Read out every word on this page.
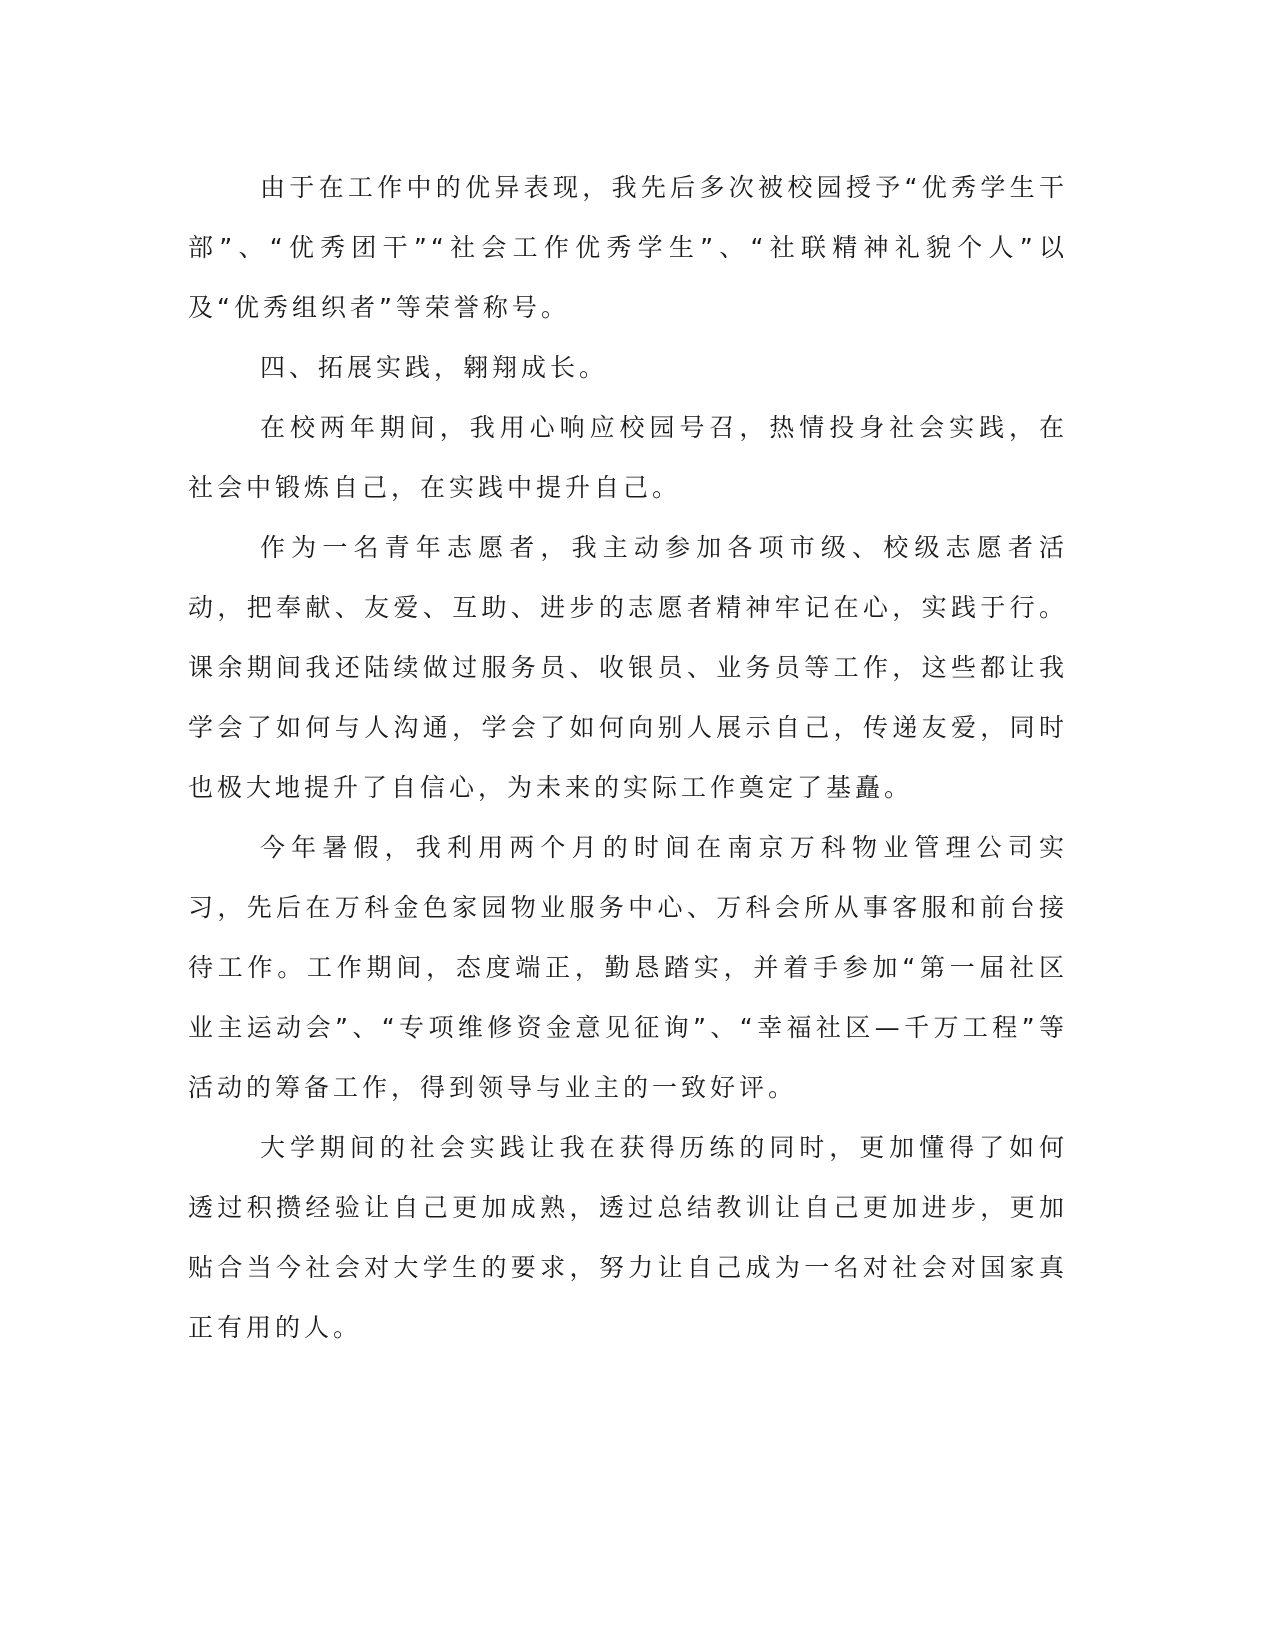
由于在工作中的优异表现，我先后多次被校园授予“优秀学生干部”、“优秀团干”“社会工作优秀学生”、“社联精神礼貌个人”以及“优秀组织者”等荣誉称号。

四、拓展实践，翱翔成长。

在校两年期间，我用心响应校园号召，热情投身社会实践，在社会中锻炼自己，在实践中提升自己。

作为一名青年志愿者，我主动参加各项市级、校级志愿者活动，把奉献、友爱、互助、进步的志愿者精神牢记在心，实践于行。课余期间我还陆续做过服务员、收银员、业务员等工作，这些都让我学会了如何与人沟通，学会了如何向别人展示自己，传递友爱，同时也极大地提升了自信心，为未来的实际工作奠定了基矗。

今年暑假，我利用两个月的时间在南京万科物业管理公司实习，先后在万科金色家园物业服务中心、万科会所从事客服和前台接待工作。工作期间，态度端正，勤恳踏实，并着手参加“第一届社区业主运动会”、“专项维修资金意见征询”、“幸福社区—千万工程”等活动的筹备工作，得到领导与业主的一致好评。

大学期间的社会实践让我在获得历练的同时，更加懂得了如何透过积攒经验让自己更加成熟，透过总结教训让自己更加进步，更加贴合当今社会对大学生的要求，努力让自己成为一名对社会对国家真正有用的人。
